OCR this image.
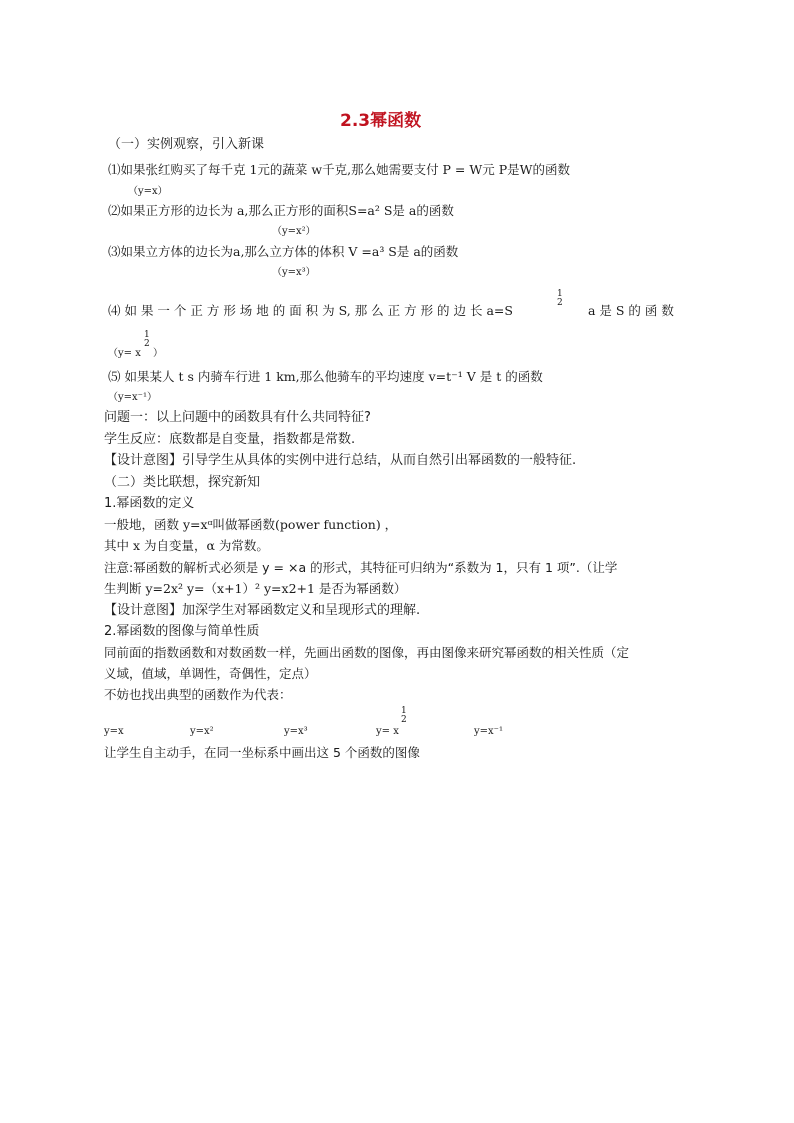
2.3幂函数
（一）实例观察，引入新课
⑴如果张红购买了每千克 1元的蔬菜 w千克,那么她需要支付 P = W元 P是W的函数
（y=x）
⑵如果正方形的边长为 a,那么正方形的面积S=a² S是 a的函数
（y=x²）
⑶如果立方体的边长为a,那么立方体的体积 V =a³ S是 a的函数
（y=x³）
⑷ 如 果 一 个 正 方 形 场 地 的 面 积 为 S, 那 么 正 方 形 的 边 长 a=S
1
2 a 是 S 的 函 数
（y= x
1
2
）
⑸ 如果某人 t s 内骑车行进 1 km,那么他骑车的平均速度 v=t⁻¹ V 是 t 的函数
（y=x⁻¹）
问题一：以上问题中的函数具有什么共同特征?
学生反应：底数都是自变量，指数都是常数.
【设计意图】引导学生从具体的实例中进行总结，从而自然引出幂函数的一般特征.
（二）类比联想，探究新知
1.幂函数的定义
一般地，函数 y=xᵅ叫做幂函数(power function) ，
其中 x 为自变量，α 为常数。
注意:幂函数的解析式必须是 y = ×a 的形式，其特征可归纳为“系数为 1，只有 1 项”.（让学
生判断 y=2x² y=（x+1）² y=x2+1 是否为幂函数）
【设计意图】加深学生对幂函数定义和呈现形式的理解.
2.幂函数的图像与简单性质
同前面的指数函数和对数函数一样，先画出函数的图像，再由图像来研究幂函数的相关性质（定
义域，值域，单调性，奇偶性，定点）
不妨也找出典型的函数作为代表：
y=x	y=x²	y=x³	y= x
1
2
y=x⁻¹
让学生自主动手，在同一坐标系中画出这 5 个函数的图像
